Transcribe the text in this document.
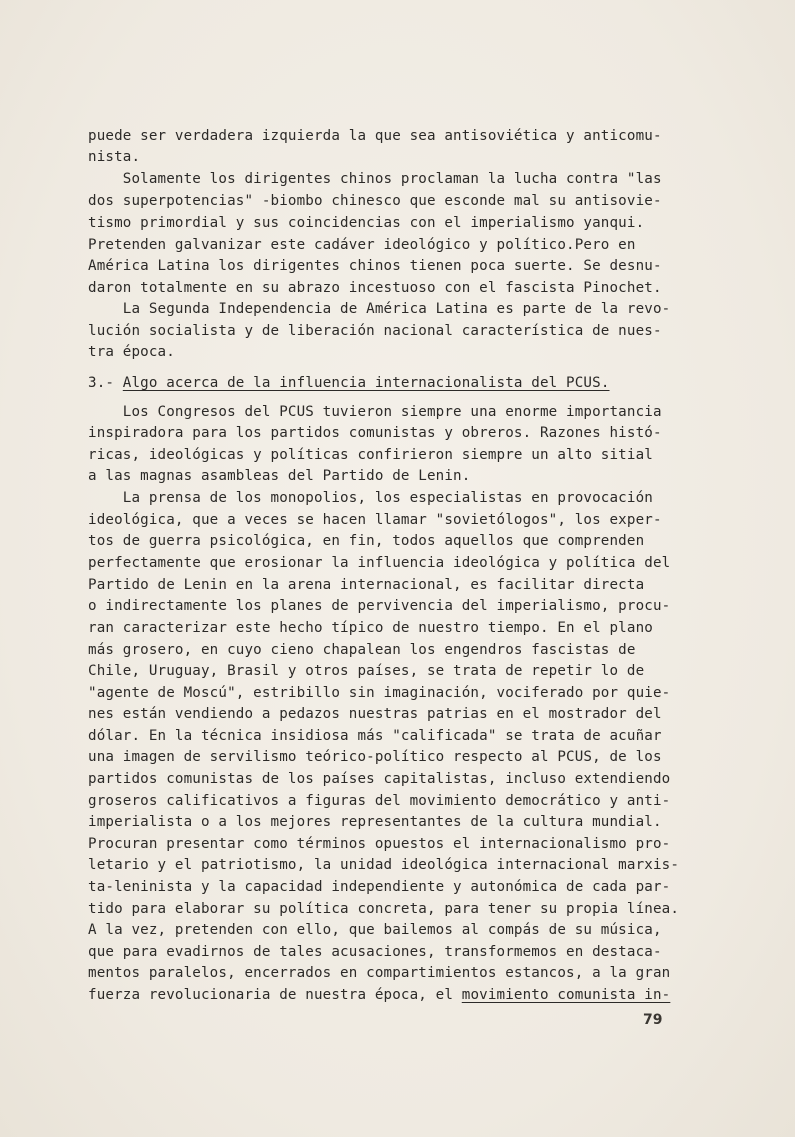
puede ser verdadera izquierda la que sea antisoviética y anticomu-
nista.
Solamente los dirigentes chinos proclaman la lucha contra "las
dos superpotencias" -biombo chinesco que esconde mal su antisovie-
tismo primordial y sus coincidencias con el imperialismo yanqui.
Pretenden galvanizar este cadáver ideológico y político.Pero en
América Latina los dirigentes chinos tienen poca suerte. Se desnu-
daron totalmente en su abrazo incestuoso con el fascista Pinochet.
La Segunda Independencia de América Latina es parte de la revo-
lución socialista y de liberación nacional característica de nues-
tra época.
3.- Algo acerca de la influencia internacionalista del PCUS.
Los Congresos del PCUS tuvieron siempre una enorme importancia
inspiradora para los partidos comunistas y obreros. Razones histó-
ricas, ideológicas y políticas confirieron siempre un alto sitial
a las magnas asambleas del Partido de Lenin.
La prensa de los monopolios, los especialistas en provocación
ideológica, que a veces se hacen llamar "sovietólogos", los exper-
tos de guerra psicológica, en fin, todos aquellos que comprenden
perfectamente que erosionar la influencia ideológica y política del
Partido de Lenin en la arena internacional, es facilitar directa
o indirectamente los planes de pervivencia del imperialismo, procu-
ran caracterizar este hecho típico de nuestro tiempo. En el plano
más grosero, en cuyo cieno chapalean los engendros fascistas de
Chile, Uruguay, Brasil y otros países, se trata de repetir lo de
"agente de Moscú", estribillo sin imaginación, vociferado por quie-
nes están vendiendo a pedazos nuestras patrias en el mostrador del
dólar. En la técnica insidiosa más "calificada" se trata de acuñar
una imagen de servilismo teórico-político respecto al PCUS, de los
partidos comunistas de los países capitalistas, incluso extendiendo
groseros calificativos a figuras del movimiento democrático y anti-
imperialista o a los mejores representantes de la cultura mundial.
Procuran presentar como términos opuestos el internacionalismo pro-
letario y el patriotismo, la unidad ideológica internacional marxis-
ta-leninista y la capacidad independiente y autonómica de cada par-
tido para elaborar su política concreta, para tener su propia línea.
A la vez, pretenden con ello, que bailemos al compás de su música,
que para evadirnos de tales acusaciones, transformemos en destaca-
mentos paralelos, encerrados en compartimientos estancos, a la gran
fuerza revolucionaria de nuestra época, el movimiento comunista in-
79
